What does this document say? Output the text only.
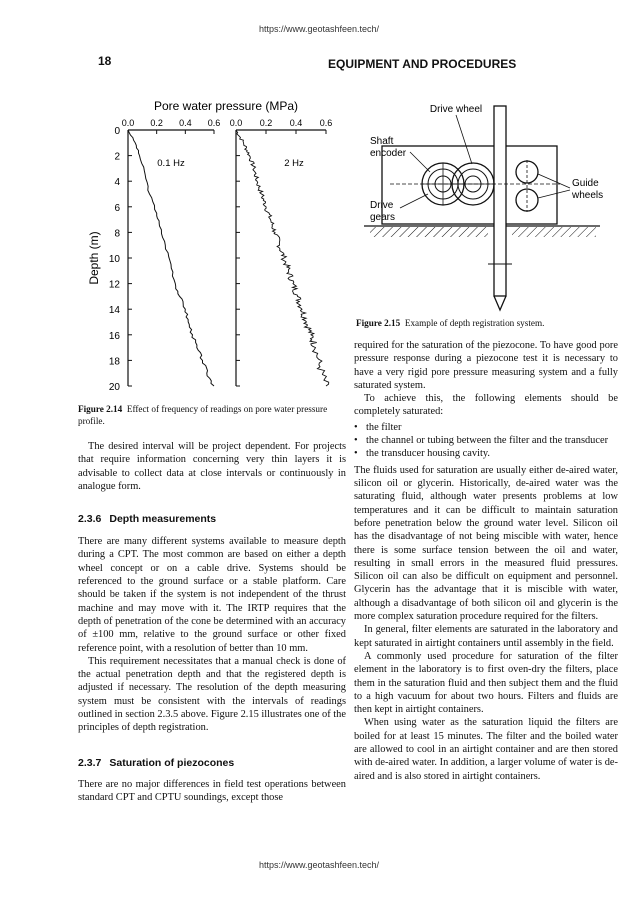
https://www.geotashfeen.tech/
18	EQUIPMENT AND PROCEDURES
Pore water pressure (MPa)
0.0 0.2 0.4 0.6 0.0 0.2 0.4 0.6
0
2
4
6
8
10
12
14
16
18
20
Depth (m)
0.1 Hz	2 Hz
Figure 2.14 Effect of frequency of readings on pore water pressure profile.
Drive wheel
Shaft
encoder
Guide
wheels
Drive
gears
Figure 2.15 Example of depth registration system.

The desired interval will be project dependent. For projects that require information concerning very thin layers it is advisable to collect data at close intervals or continuously in analogue form.

2.3.6 Depth measurements

There are many different systems available to measure depth during a CPT. The most common are based on either a depth wheel concept or on a cable drive. Systems should be referenced to the ground surface or a stable platform. Care should be taken if the system is not independent of the thrust machine and may move with it. The IRTP requires that the depth of penetration of the cone be determined with an accuracy of ±100 mm, relative to the ground surface or other fixed reference point, with a resolution of better than 10 mm.

This requirement necessitates that a manual check is done of the actual penetration depth and that the registered depth is adjusted if necessary. The resolution of the depth measuring system must be consistent with the intervals of readings outlined in section 2.3.5 above. Figure 2.15 illustrates one of the principles of depth registration.

2.3.7 Saturation of piezocones

There are no major differences in field test operations between standard CPT and CPTU soundings, except those

required for the saturation of the piezocone. To have good pore pressure response during a piezocone test it is necessary to have a very rigid pore pressure measuring system and a fully saturated system.

To achieve this, the following elements should be completely saturated:

• the filter
• the channel or tubing between the filter and the transducer
• the transducer housing cavity.

The fluids used for saturation are usually either de-aired water, silicon oil or glycerin. Historically, de-aired water was the saturating fluid, although water presents problems at low temperatures and it can be difficult to maintain saturation before penetration below the ground water level. Silicon oil has the disadvantage of not being miscible with water, hence there is some surface tension between the oil and water, resulting in small errors in the measured fluid pressures. Silicon oil can also be difficult on equipment and personnel. Glycerin has the advantage that it is miscible with water, although a disadvantage of both silicon oil and glycerin is the more complex saturation procedure required for the filters.

In general, filter elements are saturated in the laboratory and kept saturated in airtight containers until assembly in the field.

A commonly used procedure for saturation of the filter element in the laboratory is to first oven-dry the filters, place them in the saturation fluid and then subject them and the fluid to a high vacuum for about two hours. Filters and fluids are then kept in airtight containers.

When using water as the saturation liquid the filters are boiled for at least 15 minutes. The filter and the boiled water are allowed to cool in an airtight container and are then stored with de-aired water. In addition, a larger volume of water is de-aired and is also stored in airtight containers.

https://www.geotashfeen.tech/
